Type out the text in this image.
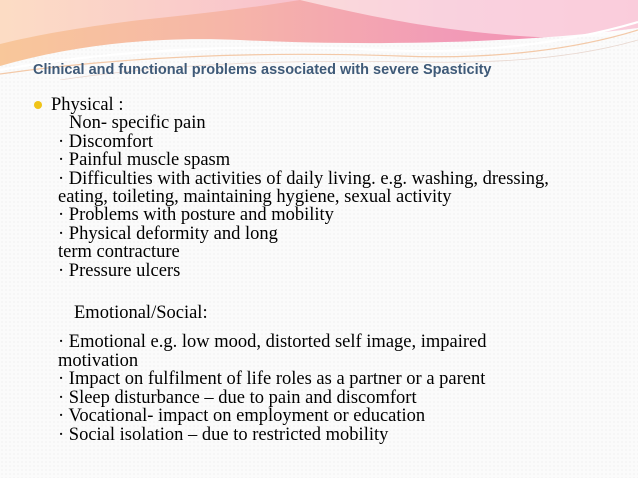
Clinical and functional problems associated with severe Spasticity
Physical :
Non- specific pain
· Discomfort
· Painful muscle spasm
· Difficulties with activities of daily living. e.g. washing, dressing,
eating, toileting, maintaining hygiene, sexual activity
· Problems with posture and mobility
· Physical deformity and long
term contracture
· Pressure ulcers
Emotional/Social:
· Emotional e.g. low mood, distorted self image, impaired
motivation
· Impact on fulfilment of life roles as a partner or a parent
· Sleep disturbance – due to pain and discomfort
· Vocational- impact on employment or education
· Social isolation – due to restricted mobility
